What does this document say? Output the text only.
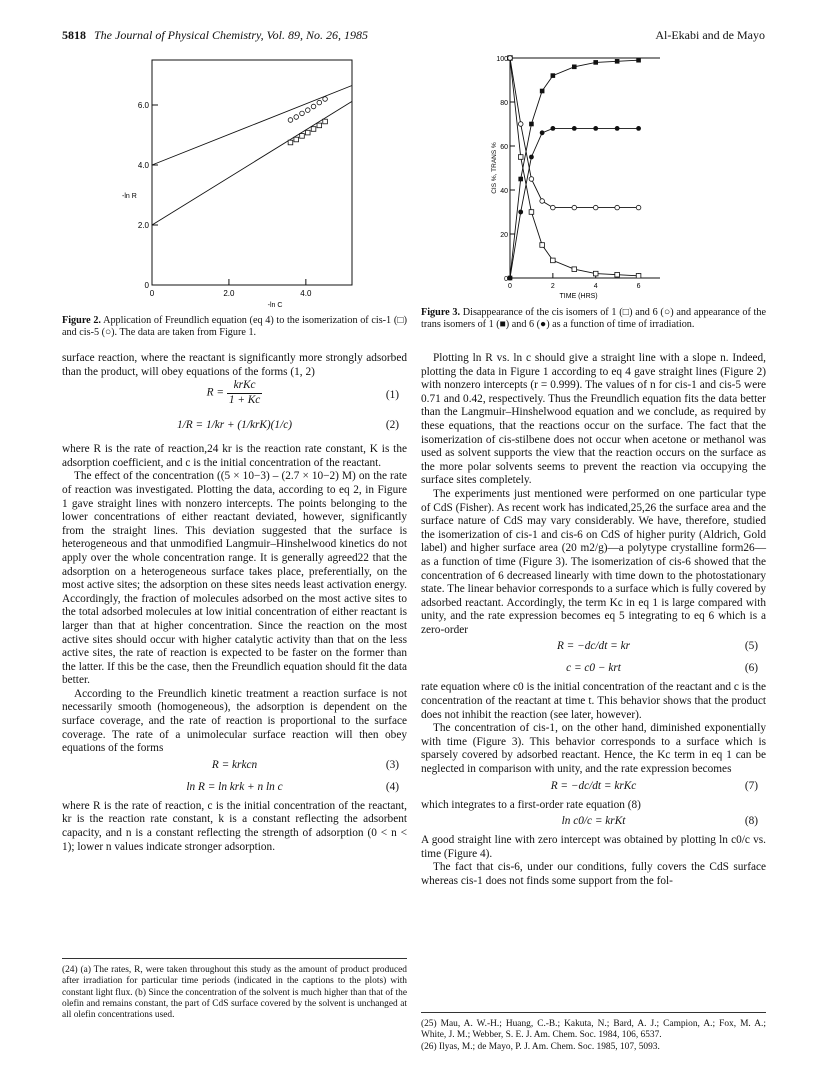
5818 The Journal of Physical Chemistry, Vol. 89, No. 26, 1985	Al-Ekabi and de Mayo
6.0
4.0
2.0
0
0	2.0	4.0
-ln R
-ln C
Figure 2. Application of Freundlich equation (eq 4) to the isomerization of cis-1 (□) and cis-5 (○). The data are taken from Figure 1.
100
80
60
40
20
0
0	2	4	6
TIME (HRS)
CIS %, TRANS %
Figure 3. Disappearance of the cis isomers of 1 (□) and 6 (○) and appearance of the trans isomers of 1 (■) and 6 (●) as a function of time of irradiation.

surface reaction, where the reactant is significantly more strongly adsorbed than the product, will obey equations of the forms (1, 2)

$R = \frac{\text{krKc}}{1 + Kc}$	(1)
1/R = 1/kr + (1/krK)(1/c)	(2)

where R is the rate of reaction,24 kr is the reaction rate constant, K is the adsorption coefficient, and c is the initial concentration of the reactant.

The effect of the concentration ((5 × 10−3) – (2.7 × 10−2) M) on the rate of reaction was investigated. Plotting the data, according to eq 2, in Figure 1 gave straight lines with nonzero intercepts. The points belonging to the lower concentrations of either reactant deviated, however, significantly from the straight lines. This deviation suggested that the surface is heterogeneous and that unmodified Langmuir–Hinshelwood kinetics do not apply over the whole concentration range. It is generally agreed22 that the adsorption on a heterogeneous surface takes place, preferentially, on the most active sites; the adsorption on these sites needs least activation energy. Accordingly, the fraction of molecules adsorbed on the most active sites to the total adsorbed molecules at low initial concentration of either reactant is larger than that at higher concentration. Since the reaction on the most active sites should occur with higher catalytic activity than that on the less active sites, the rate of reaction is expected to be faster on the former than the latter. If this be the case, then the Freundlich equation should fit the data better.

According to the Freundlich kinetic treatment a reaction surface is not necessarily smooth (homogeneous), the adsorption is dependent on the surface coverage, and the rate of reaction is proportional to the surface coverage. The rate of a unimolecular surface reaction will then obey equations of the forms

R = krkcn	(3)
ln R = ln krk + n ln c	(4)

where R is the rate of reaction, c is the initial concentration of the reactant, kr is the reaction rate constant, k is a constant reflecting the adsorbent capacity, and n is a constant reflecting the strength of adsorption (0 < n < 1); lower n values indicate stronger adsorption.

(24) (a) The rates, R, were taken throughout this study as the amount of product produced after irradiation for particular time periods (indicated in the captions to the plots) with constant light flux. (b) Since the concentration of the solvent is much higher than that of the olefin and remains constant, the part of CdS surface covered by the solvent is unchanged at all olefin concentrations used.

Plotting ln R vs. ln c should give a straight line with a slope n. Indeed, plotting the data in Figure 1 according to eq 4 gave straight lines (Figure 2) with nonzero intercepts (r = 0.999). The values of n for cis-1 and cis-5 were 0.71 and 0.42, respectively. Thus the Freundlich equation fits the data better than the Langmuir–Hinshelwood equation and we conclude, as required by these equations, that the reactions occur on the surface. The fact that the isomerization of cis-stilbene does not occur when acetone or methanol was used as solvent supports the view that the reaction occurs on the surface as the more polar solvents seems to prevent the reaction via occupying the surface sites completely.

The experiments just mentioned were performed on one particular type of CdS (Fisher). As recent work has indicated,25,26 the surface area and the surface nature of CdS may vary considerably. We have, therefore, studied the isomerization of cis-1 and cis-6 on CdS of higher purity (Aldrich, Gold label) and higher surface area (20 m2/g)—a polytype crystalline form26—as a function of time (Figure 3). The isomerization of cis-6 showed that the concentration of 6 decreased linearly with time down to the photostationary state. The linear behavior corresponds to a surface which is fully covered by adsorbed reactant. Accordingly, the term Kc in eq 1 is large compared with unity, and the rate expression becomes eq 5 integrating to eq 6 which is a zero-order

R = −dc/dt = kr	(5)
c = c0 − krt	(6)

rate equation where c0 is the initial concentration of the reactant and c is the concentration of the reactant at time t. This behavior shows that the product does not inhibit the reaction (see later, however).

The concentration of cis-1, on the other hand, diminished exponentially with time (Figure 3). This behavior corresponds to a surface which is sparsely covered by adsorbed reactant. Hence, the Kc term in eq 1 can be neglected in comparison with unity, and the rate expression becomes

R = −dc/dt = krKc	(7)

which integrates to a first-order rate equation (8)

ln c0/c = krKt	(8)

A good straight line with zero intercept was obtained by plotting ln c0/c vs. time (Figure 4).

The fact that cis-6, under our conditions, fully covers the CdS surface whereas cis-1 does not finds some support from the fol-

(25) Mau, A. W.-H.; Huang, C.-B.; Kakuta, N.; Bard, A. J.; Campion, A.; Fox, M. A.; White, J. M.; Webber, S. E. J. Am. Chem. Soc. 1984, 106, 6537.
(26) Ilyas, M.; de Mayo, P. J. Am. Chem. Soc. 1985, 107, 5093.
